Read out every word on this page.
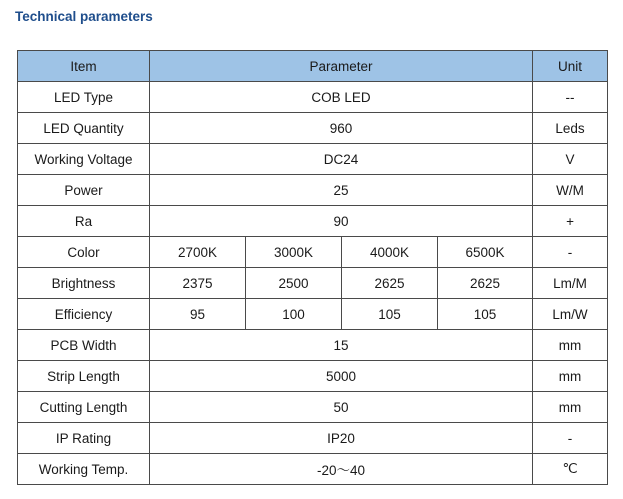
Technical parameters
Item	Parameter				Unit
LED Type	COB LED				--
LED Quantity	960				Leds
Working Voltage	DC24				V
Power	25				W/M
Ra	90				+
Color	2700K	3000K	4000K	6500K	-
Brightness	2375	2500	2625	2625	Lm/M
Efficiency	95	100	105	105	Lm/W
PCB Width	15				mm
Strip Length	5000				mm
Cutting Length	50				mm
IP Rating	IP20				-
Working Temp.	-20～40				℃
